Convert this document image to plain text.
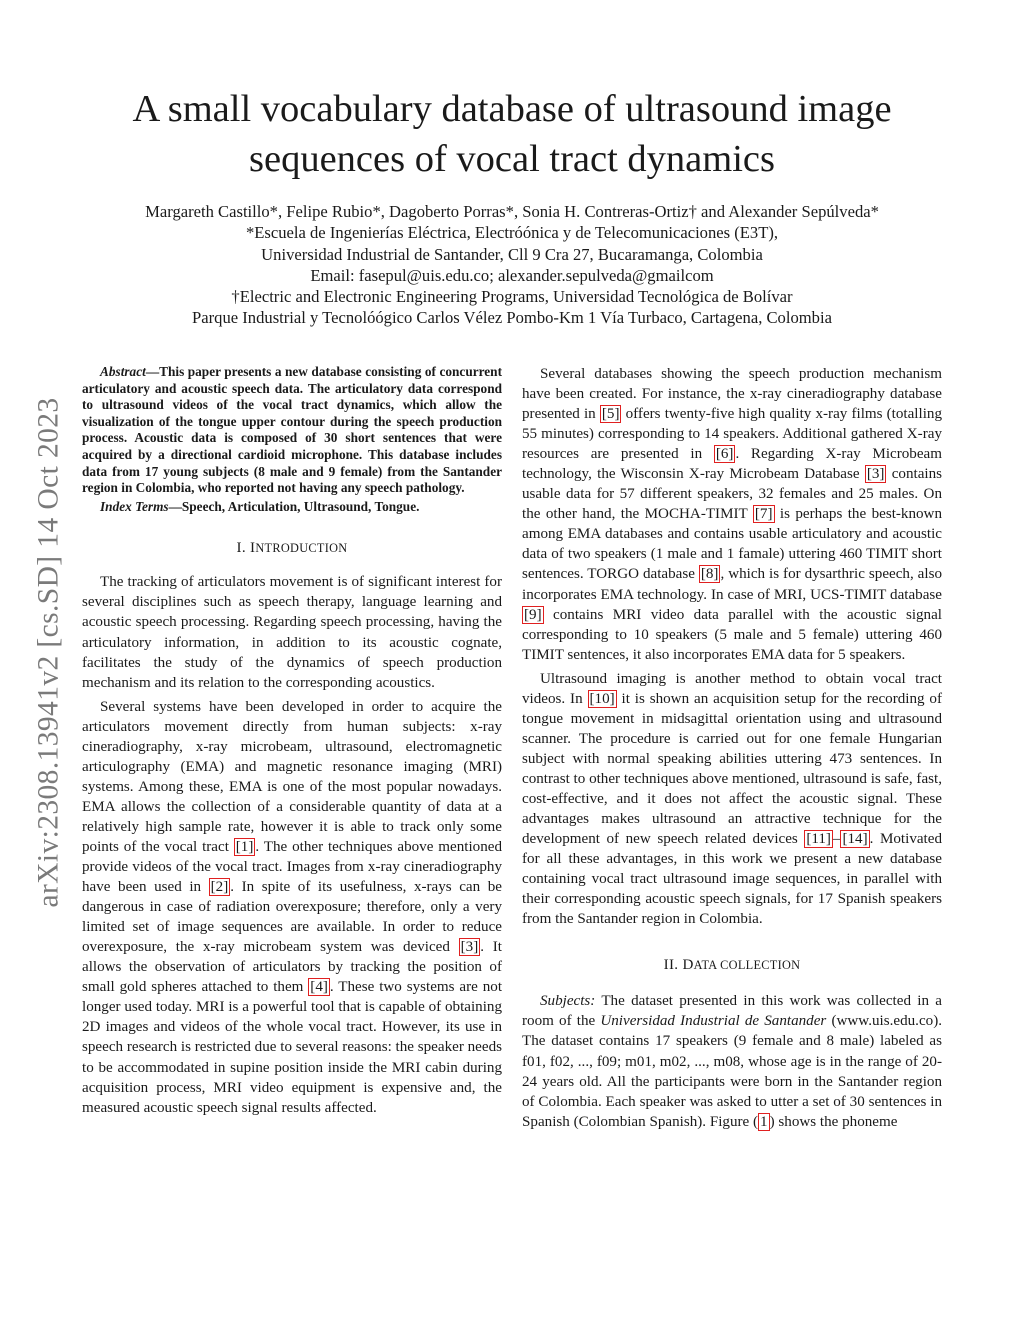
arXiv:2308.13941v2 [cs.SD] 14 Oct 2023
A small vocabulary database of ultrasound image
sequences of vocal tract dynamics
Margareth Castillo*, Felipe Rubio*, Dagoberto Porras*, Sonia H. Contreras-Ortiz† and Alexander Sepúlveda*
*Escuela de Ingenierías Eléctrica, Electróónica y de Telecomunicaciones (E3T),
Universidad Industrial de Santander, Cll 9 Cra 27, Bucaramanga, Colombia
Email: fasepul@uis.edu.co; alexander.sepulveda@gmailcom
†Electric and Electronic Engineering Programs, Universidad Tecnológica de Bolívar
Parque Industrial y Tecnolóógico Carlos Vélez Pombo-Km 1 Vía Turbaco, Cartagena, Colombia

Abstract—This paper presents a new database consisting of concurrent articulatory and acoustic speech data. The articulatory data correspond to ultrasound videos of the vocal tract dynamics, which allow the visualization of the tongue upper contour during the speech production process. Acoustic data is composed of 30 short sentences that were acquired by a directional cardioid microphone. This database includes data from 17 young subjects (8 male and 9 female) from the Santander region in Colombia, who reported not having any speech pathology.

Index Terms—Speech, Articulation, Ultrasound, Tongue.

I. INTRODUCTION

The tracking of articulators movement is of significant interest for several disciplines such as speech therapy, language learning and acoustic speech processing. Regarding speech processing, having the articulatory information, in addition to its acoustic cognate, facilitates the study of the dynamics of speech production mechanism and its relation to the corresponding acoustics.

Several systems have been developed in order to acquire the articulators movement directly from human subjects: x-ray cineradiography, x-ray microbeam, ultrasound, electromagnetic articulography (EMA) and magnetic resonance imaging (MRI) systems. Among these, EMA is one of the most popular nowadays. EMA allows the collection of a considerable quantity of data at a relatively high sample rate, however it is able to track only some points of the vocal tract [1] . The other techniques above mentioned provide videos of the vocal tract. Images from x-ray cineradiography have been used in [2] . In spite of its usefulness, x-rays can be dangerous in case of radiation overexposure; therefore, only a very limited set of image sequences are available. In order to reduce overexposure, the x-ray microbeam system was deviced [3] . It allows the observation of articulators by tracking the position of small gold spheres attached to them [4] . These two systems are not longer used today. MRI is a powerful tool that is capable of obtaining 2D images and videos of the whole vocal tract. However, its use in speech research is restricted due to several reasons: the speaker needs to be accommodated in supine position inside the MRI cabin during acquisition process, MRI video equipment is expensive and, the measured acoustic speech signal results affected.

Several databases showing the speech production mechanism have been created. For instance, the x-ray cineradiography database presented in [5] offers twenty-five high quality x-ray films (totalling 55 minutes) corresponding to 14 speakers. Additional gathered X-ray resources are presented in [6] . Regarding X-ray Microbeam technology, the Wisconsin X-ray Microbeam Database [3] contains usable data for 57 different speakers, 32 females and 25 males. On the other hand, the MOCHA-TIMIT [7] is perhaps the best-known among EMA databases and contains usable articulatory and acoustic data of two speakers (1 male and 1 famale) uttering 460 TIMIT short sentences. TORGO database [8] , which is for dysarthric speech, also incorporates EMA technology. In case of MRI, UCS-TIMIT database [9] contains MRI video data parallel with the acoustic signal corresponding to 10 speakers (5 male and 5 female) uttering 460 TIMIT sentences, it also incorporates EMA data for 5 speakers.

Ultrasound imaging is another method to obtain vocal tract videos. In [10] it is shown an acquisition setup for the recording of tongue movement in midsagittal orientation using and ultrasound scanner. The procedure is carried out for one female Hungarian subject with normal speaking abilities uttering 473 sentences. In contrast to other techniques above mentioned, ultrasound is safe, fast, cost-effective, and it does not affect the acoustic signal. These advantages makes ultrasound an attractive technique for the development of new speech related devices [11] – [14] . Motivated for all these advantages, in this work we present a new database containing vocal tract ultrasound image sequences, in parallel with their corresponding acoustic speech signals, for 17 Spanish speakers from the Santander region in Colombia.

II. DATA COLLECTION

Subjects: The dataset presented in this work was collected in a room of the Universidad Industrial de Santander (www.uis.edu.co). The dataset contains 17 speakers (9 female and 8 male) labeled as f01, f02, ..., f09; m01, m02, ..., m08, whose age is in the range of 20-24 years old. All the participants were born in the Santander region of Colombia. Each speaker was asked to utter a set of 30 sentences in Spanish (Colombian Spanish). Figure ( 1 ) shows the phoneme
